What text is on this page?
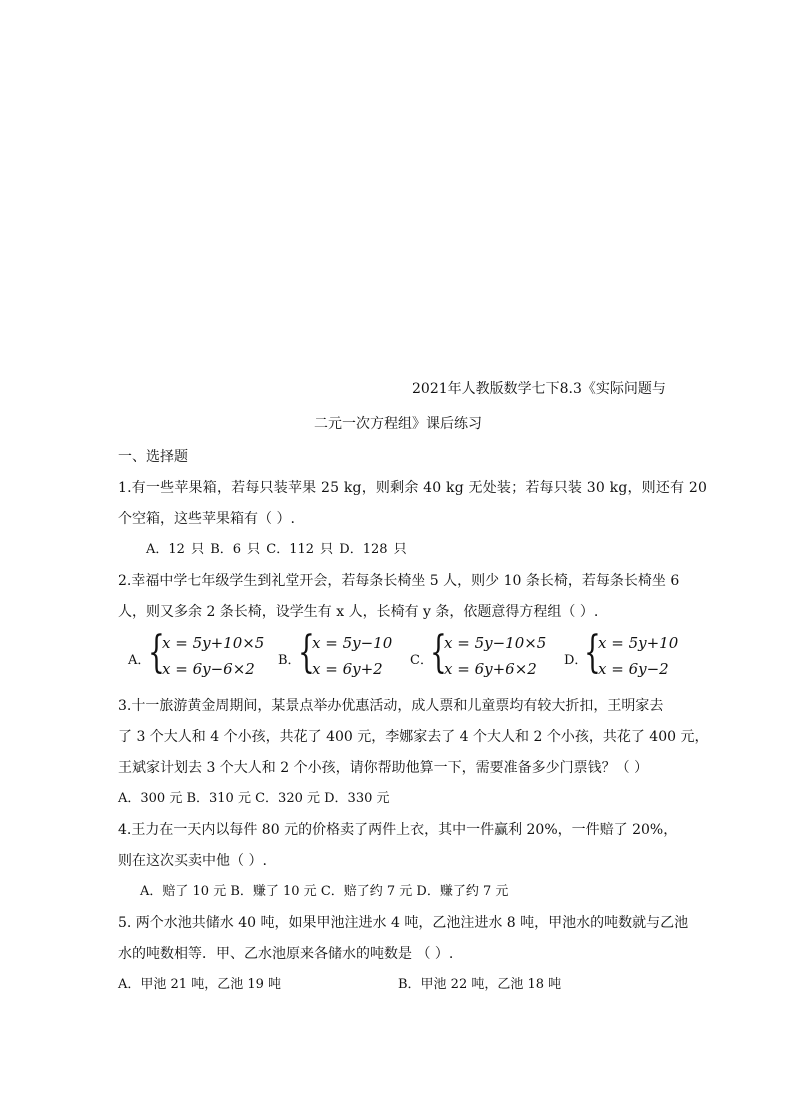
2021年人教版数学七下8.3《实际问题与
二元一次方程组》课后练习
一、选择题
1.有一些苹果箱，若每只装苹果 25 kg，则剩余 40 kg 无处装；若每只装 30 kg，则还有 20
个空箱，这些苹果箱有（ ）.
A．12 只 B．6 只 C．112 只 D．128 只
2.幸福中学七年级学生到礼堂开会，若每条长椅坐 5 人，则少 10 条长椅，若每条长椅坐 6
人，则又多余 2 条长椅，设学生有 x 人，长椅有 y 条，依题意得方程组（ ）.
A．
{
x = 5y+10×5
x = 6y−6×2 B．
{
x = 5y−10
x = 6y+2 C．
{
x = 5y−10×5
x = 6y+6×2 D．
{
x = 5y+10
x = 6y−2
3.十一旅游黄金周期间，某景点举办优惠活动，成人票和儿童票均有较大折扣，王明家去
了 3 个大人和 4 个小孩，共花了 400 元，李娜家去了 4 个大人和 2 个小孩，共花了 400 元，
王斌家计划去 3 个大人和 2 个小孩，请你帮助他算一下，需要准备多少门票钱？（ ）
A．300 元 B．310 元 C．320 元 D．330 元
4.王力在一天内以每件 80 元的价格卖了两件上衣，其中一件赢利 20%，一件赔了 20%，
则在这次买卖中他（ ）.
A．赔了 10 元 B．赚了 10 元 C．赔了约 7 元 D．赚了约 7 元
5. 两个水池共储水 40 吨，如果甲池注进水 4 吨，乙池注进水 8 吨，甲池水的吨数就与乙池
水的吨数相等．甲、乙水池原来各储水的吨数是 （ ）.
A．甲池 21 吨，乙池 19 吨	B．甲池 22 吨，乙池 18 吨
